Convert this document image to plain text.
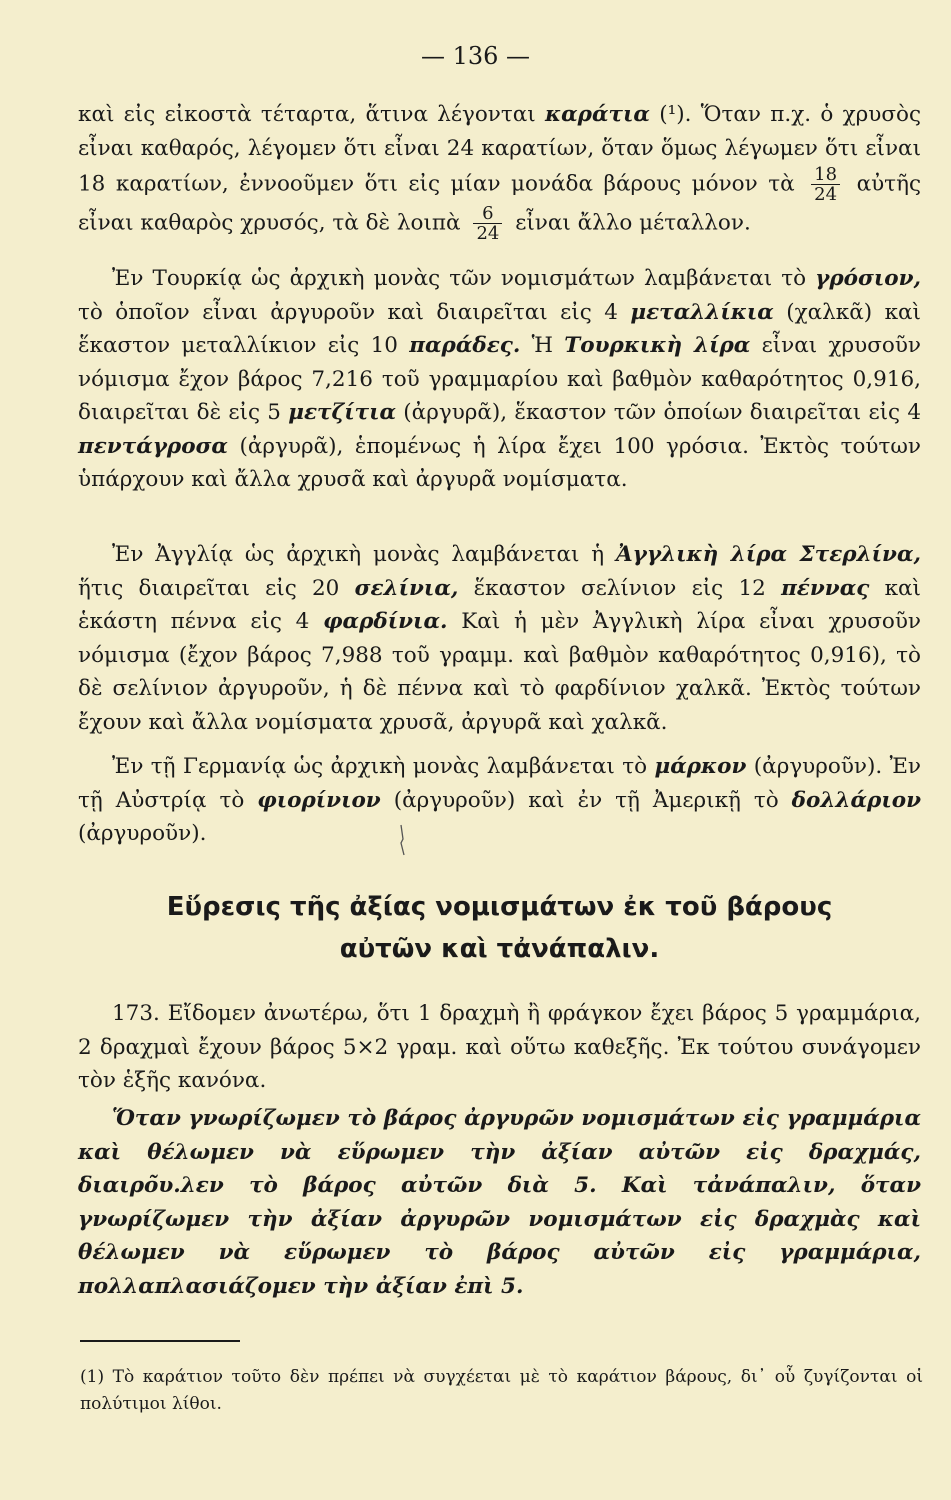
— 136 —

καὶ εἰς εἰκοστὰ τέταρτα, ἅτινα λέγονται καράτια (¹). Ὅταν π.χ. ὁ χρυσὸς εἶναι καθαρός, λέγομεν ὅτι εἶναι 24 καρατίων, ὅταν ὅμως λέγωμεν ὅτι εἶναι 18 καρατίων, ἐννοοῦμεν ὅτι εἰς μίαν μονάδα βάρους μόνον τὰ $\frac{18}{24}$ αὐτῆς εἶναι καθαρὸς χρυσός, τὰ δὲ λοιπὰ $\frac{6}{24}$ εἶναι ἄλλο μέταλλον.

Ἐν Τουρκίᾳ ὡς ἀρχικὴ μονὰς τῶν νομισμάτων λαμβάνεται τὸ γρόσιον, τὸ ὁποῖον εἶναι ἀργυροῦν καὶ διαιρεῖται εἰς 4 μεταλλίκια (χαλκᾶ) καὶ ἕκαστον μεταλλίκιον εἰς 10 παράδες. Ἡ Τουρκικὴ λίρα εἶναι χρυσοῦν νόμισμα ἔχον βάρος 7,216 τοῦ γραμμαρίου καὶ βαθμὸν καθαρότητος 0,916, διαιρεῖται δὲ εἰς 5 μετζίτια (ἀργυρᾶ), ἕκαστον τῶν ὁποίων διαιρεῖται εἰς 4 πεντάγροσα (ἀργυρᾶ), ἑπομένως ἡ λίρα ἔχει 100 γρόσια. Ἐκτὸς τούτων ὑπάρχουν καὶ ἄλλα χρυσᾶ καὶ ἀργυρᾶ νομίσματα.

Ἐν Ἀγγλίᾳ ὡς ἀρχικὴ μονὰς λαμβάνεται ἡ Ἀγγλικὴ λίρα Στερλίνα, ἥτις διαιρεῖται εἰς 20 σελίνια, ἕκαστον σελίνιον εἰς 12 πέννας καὶ ἑκάστη πέννα εἰς 4 φαρδίνια. Καὶ ἡ μὲν Ἀγγλικὴ λίρα εἶναι χρυσοῦν νόμισμα (ἔχον βάρος 7,988 τοῦ γραμμ. καὶ βαθμὸν καθαρότητος 0,916), τὸ δὲ σελίνιον ἀργυροῦν, ἡ δὲ πέννα καὶ τὸ φαρδίνιον χαλκᾶ. Ἐκτὸς τούτων ἔχουν καὶ ἄλλα νομίσματα χρυσᾶ, ἀργυρᾶ καὶ χαλκᾶ.

Ἐν τῇ Γερμανίᾳ ὡς ἀρχικὴ μονὰς λαμβάνεται τὸ μάρκον (ἀργυροῦν). Ἐν τῇ Αὐστρίᾳ τὸ φιορίνιον (ἀργυροῦν) καὶ ἐν τῇ Ἀμερικῇ τὸ δολλάριον (ἀργυροῦν).

Εὕρεσις τῆς ἀξίας νομισμάτων ἐκ τοῦ βάρους
αὐτῶν καὶ τἀνάπαλιν.

173. Εἴδομεν ἀνωτέρω, ὅτι 1 δραχμὴ ἢ φράγκον ἔχει βάρος 5 γραμμάρια, 2 δραχμαὶ ἔχουν βάρος 5×2 γραμ. καὶ οὕτω καθεξῆς. Ἐκ τούτου συνάγομεν τὸν ἑξῆς κανόνα.

Ὅταν γνωρίζωμεν τὸ βάρος ἀργυρῶν νομισμάτων εἰς γραμμάρια καὶ θέλωμεν νὰ εὕρωμεν τὴν ἀξίαν αὐτῶν εἰς δραχμάς, διαιρο̃υ.λεν τὸ βάρος αὐτῶν διὰ 5. Καὶ τἀνάπαλιν, ὅταν γνωρίζωμεν τὴν ἀξίαν ἀργυρῶν νομισμάτων εἰς δραχμὰς καὶ θέλωμεν νὰ εὕρωμεν τὸ βάρος αὐτῶν εἰς γραμμάρια, πολλαπλασιάζομεν τὴν ἀξίαν ἐπὶ 5.

(1) Τὸ καράτιον τοῦτο δὲν πρέπει νὰ συγχέεται μὲ τὸ καράτιον βάρους, δι᾽ οὗ ζυγίζονται οἱ πολύτιμοι λίθοι.
